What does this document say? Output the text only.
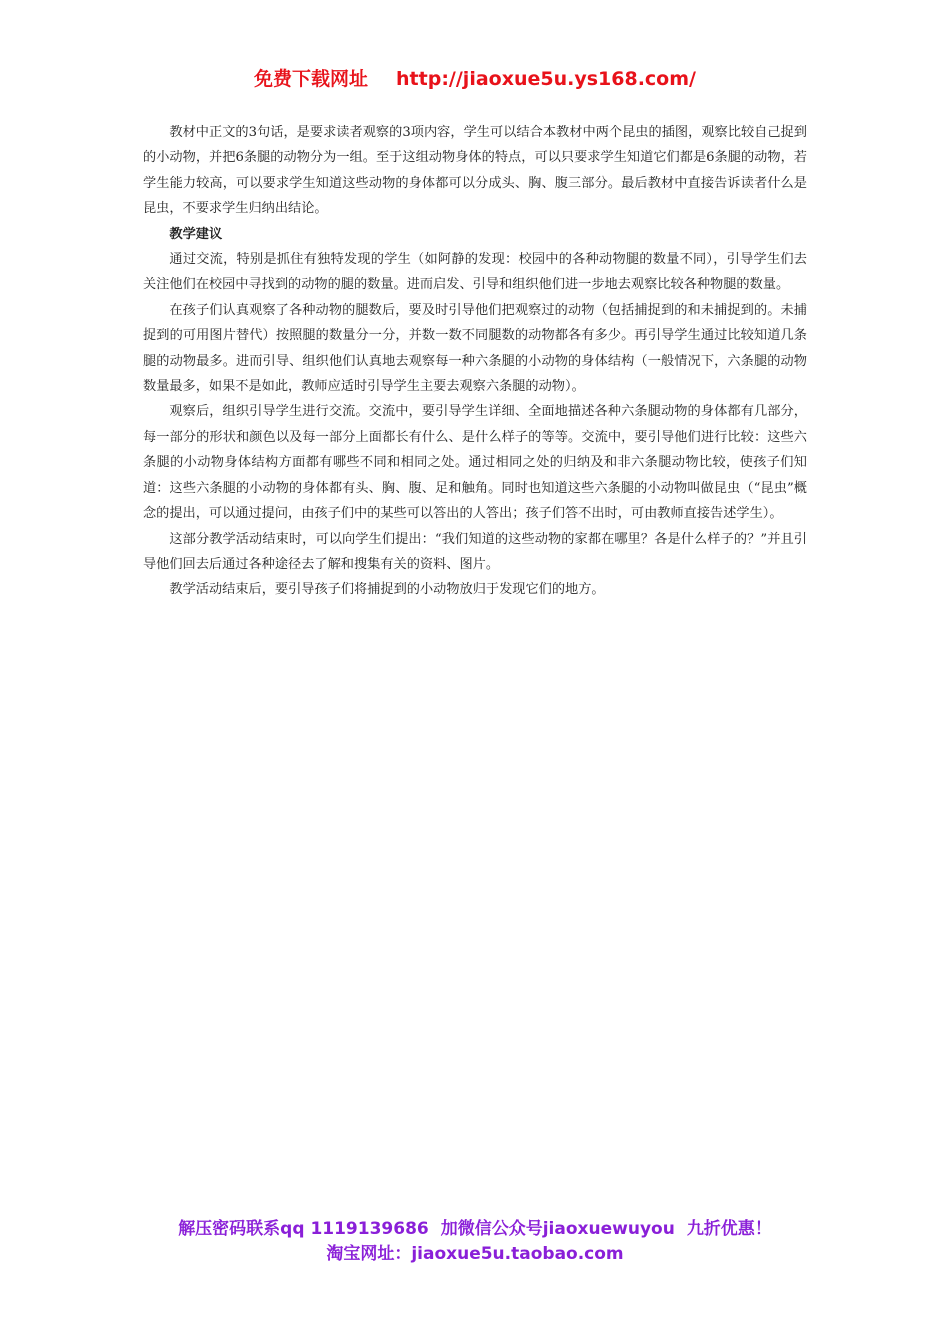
免费下载网址 http://jiaoxue5u.ys168.com/

教材中正文的3句话，是要求读者观察的3项内容，学生可以结合本教材中两个昆虫的插图，观察比较自己捉到的小动物，并把6条腿的动物分为一组。至于这组动物身体的特点，可以只要求学生知道它们都是6条腿的动物，若学生能力较高，可以要求学生知道这些动物的身体都可以分成头、胸、腹三部分。最后教材中直接告诉读者什么是昆虫，不要求学生归纳出结论。

教学建议

通过交流，特别是抓住有独特发现的学生（如阿静的发现：校园中的各种动物腿的数量不同），引导学生们去关注他们在校园中寻找到的动物的腿的数量。进而启发、引导和组织他们进一步地去观察比较各种物腿的数量。

在孩子们认真观察了各种动物的腿数后，要及时引导他们把观察过的动物（包括捕捉到的和未捕捉到的。未捕捉到的可用图片替代）按照腿的数量分一分，并数一数不同腿数的动物都各有多少。再引导学生通过比较知道几条腿的动物最多。进而引导、组织他们认真地去观察每一种六条腿的小动物的身体结构（一般情况下，六条腿的动物数量最多，如果不是如此，教师应适时引导学生主要去观察六条腿的动物）。

观察后，组织引导学生进行交流。交流中，要引导学生详细、全面地描述各种六条腿动物的身体都有几部分，每一部分的形状和颜色以及每一部分上面都长有什么、是什么样子的等等。交流中，要引导他们进行比较：这些六条腿的小动物身体结构方面都有哪些不同和相同之处。通过相同之处的归纳及和非六条腿动物比较，使孩子们知道：这些六条腿的小动物的身体都有头、胸、腹、足和触角。同时也知道这些六条腿的小动物叫做昆虫（“昆虫”概念的提出，可以通过提问，由孩子们中的某些可以答出的人答出；孩子们答不出时，可由教师直接告述学生）。

这部分教学活动结束时，可以向学生们提出：“我们知道的这些动物的家都在哪里？各是什么样子的？”并且引导他们回去后通过各种途径去了解和搜集有关的资料、图片。

教学活动结束后，要引导孩子们将捕捉到的小动物放归于发现它们的地方。

解压密码联系qq 1119139686 加微信公众号jiaoxuewuyou 九折优惠！
淘宝网址：jiaoxue5u.taobao.com
